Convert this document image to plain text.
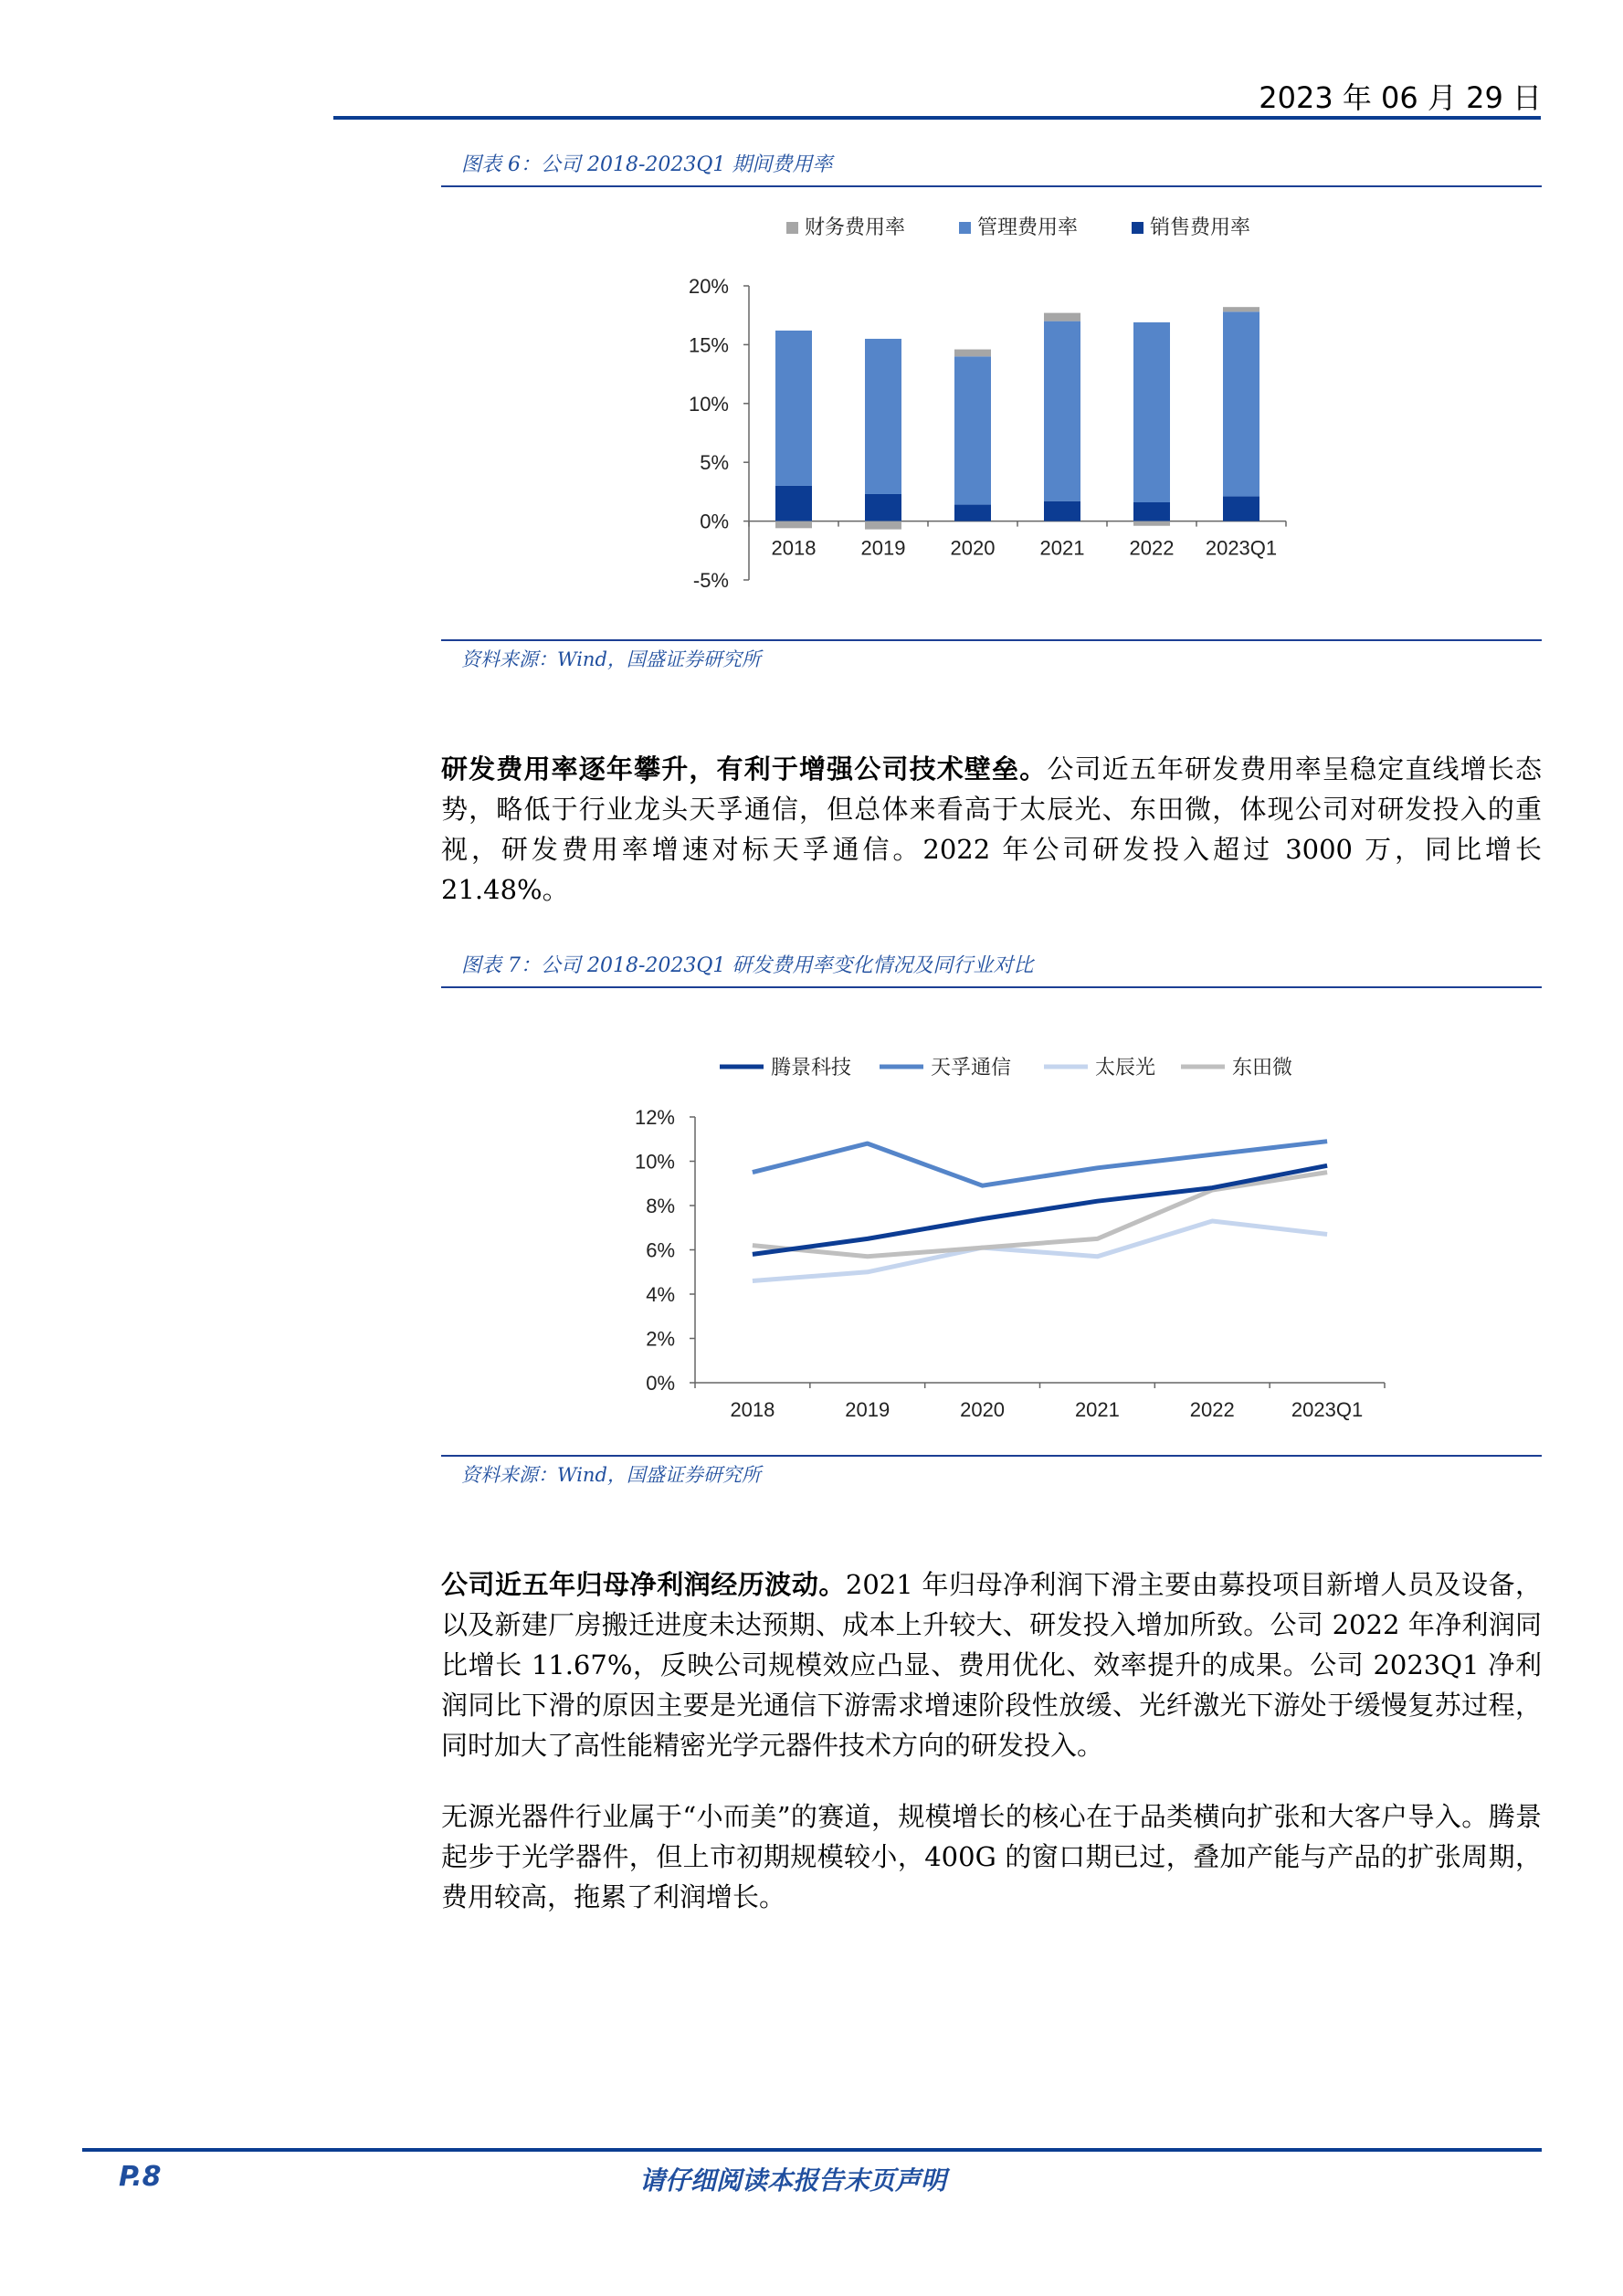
2023 年 06 月 29 日
图表 6：公司 2018-2023Q1 期间费用率
财务费用率	管理费用率	销售费用率
20%
15%
10%
5%
0%
-5%
2018 2019 2020 2021 2022 2023Q1
资料来源：Wind，国盛证券研究所
研发费用率逐年攀升，有利于增强公司技术壁垒。公司近五年研发费用率呈稳定直线增长态势，略低于行业龙头天孚通信，但总体来看高于太辰光、东田微，体现公司对研发投入的重视，研发费用率增速对标天孚通信。2022 年公司研发投入超过 3000 万，同比增长 21.48%。
图表 7：公司 2018-2023Q1 研发费用率变化情况及同行业对比
腾景科技	天孚通信	太辰光	东田微
12%
10%
8%
6%
4%
2%
0%
2018	2019	2020	2021	2022	2023Q1
资料来源：Wind，国盛证券研究所
公司近五年归母净利润经历波动。2021 年归母净利润下滑主要由募投项目新增人员及设备，以及新建厂房搬迁进度未达预期、成本上升较大、研发投入增加所致。公司 2022 年净利润同比增长 11.67%，反映公司规模效应凸显、费用优化、效率提升的成果。公司 2023Q1 净利润同比下滑的原因主要是光通信下游需求增速阶段性放缓、光纤激光下游处于缓慢复苏过程，同时加大了高性能精密光学元器件技术方向的研发投入。
无源光器件行业属于“小而美”的赛道，规模增长的核心在于品类横向扩张和大客户导入。腾景起步于光学器件，但上市初期规模较小，400G 的窗口期已过，叠加产能与产品的扩张周期，费用较高，拖累了利润增长。
P.8	请仔细阅读本报告末页声明
